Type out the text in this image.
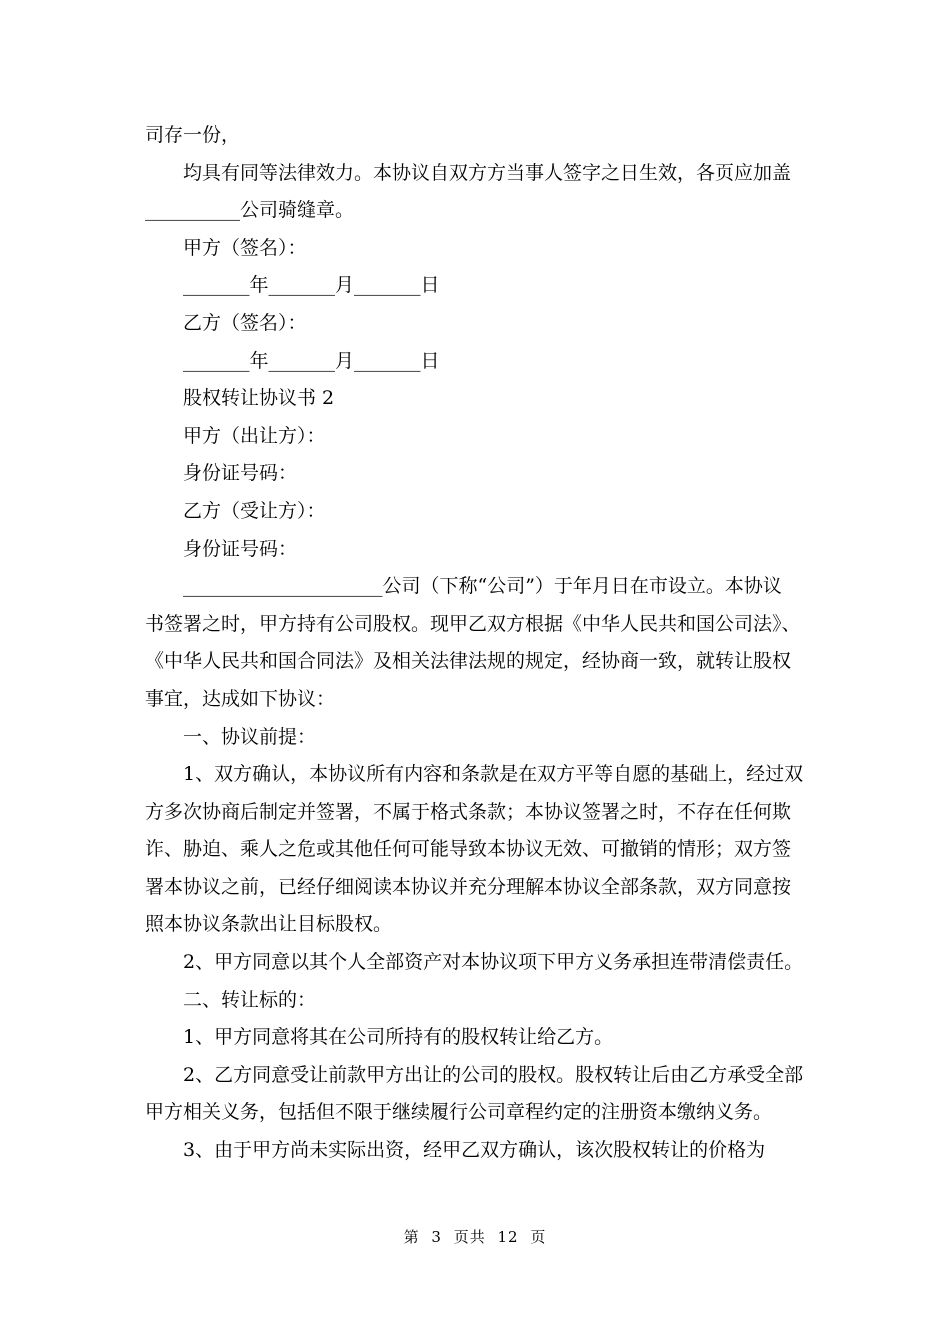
司存一份，
均具有同等法律效力。本协议自双方方当事人签字之日生效，各页应加盖
__________公司骑缝章。
甲方（签名）：
_______年_______月_______日
乙方（签名）：
_______年_______月_______日
股权转让协议书 2
甲方（出让方）：
身份证号码：
乙方（受让方）：
身份证号码：
_____________________公司（下称“公司”）于年月日在市设立。本协议
书签署之时，甲方持有公司股权。现甲乙双方根据《中华人民共和国公司法》、
《中华人民共和国合同法》及相关法律法规的规定，经协商一致，就转让股权
事宜，达成如下协议：
一、协议前提：
1、双方确认，本协议所有内容和条款是在双方平等自愿的基础上，经过双
方多次协商后制定并签署，不属于格式条款；本协议签署之时，不存在任何欺
诈、胁迫、乘人之危或其他任何可能导致本协议无效、可撤销的情形；双方签
署本协议之前，已经仔细阅读本协议并充分理解本协议全部条款，双方同意按
照本协议条款出让目标股权。
2、甲方同意以其个人全部资产对本协议项下甲方义务承担连带清偿责任。
二、转让标的：
1、甲方同意将其在公司所持有的股权转让给乙方。
2、乙方同意受让前款甲方出让的公司的股权。股权转让后由乙方承受全部
甲方相关义务，包括但不限于继续履行公司章程约定的注册资本缴纳义务。
3、由于甲方尚未实际出资，经甲乙双方确认，该次股权转让的价格为
第 3 页共 12 页
